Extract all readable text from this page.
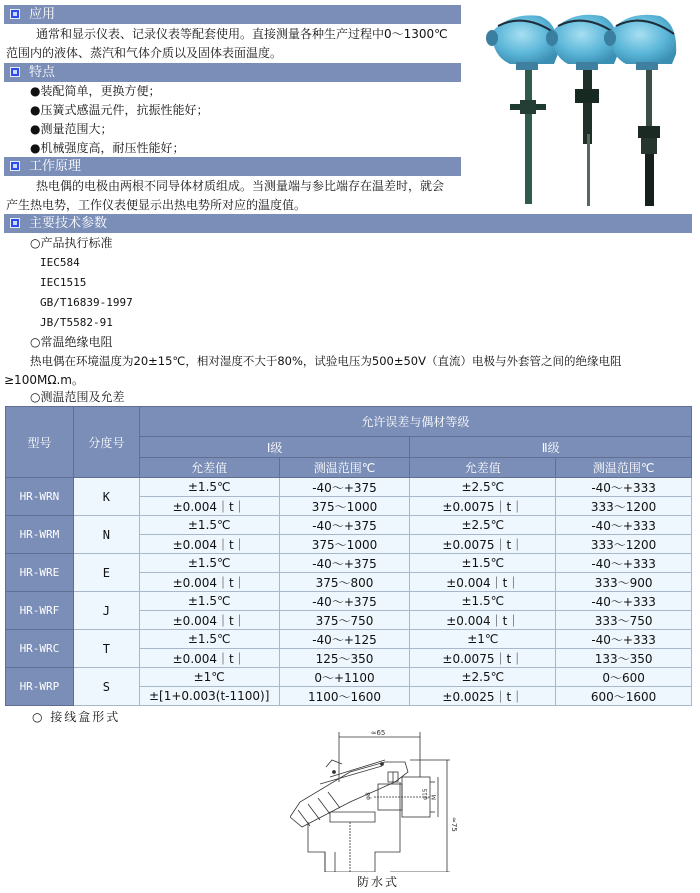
应用
通常和显示仪表、记录仪表等配套使用。直接测量各种生产过程中0～1300℃
范围内的液体、蒸汽和气体介质以及固体表面温度。
特点
●装配简单，更换方便；
●压簧式感温元件，抗振性能好；
●测量范围大；
●机械强度高，耐压性能好；
工作原理
热电偶的电极由两根不同导体材质组成。当测量端与参比端存在温差时，就会
产生热电势，工作仪表便显示出热电势所对应的温度值。
主要技术参数
○产品执行标准
IEC584
IEC1515
GB/T16839-1997
JB/T5582-91
○常温绝缘电阻
热电偶在环境温度为20±15℃，相对湿度不大于80%，试验电压为500±50V（直流）电极与外套管之间的绝缘电阻
≥100MΩ.m。
○测温范围及允差
型号	分度号	允许误差与偶材等级			
		Ⅰ级		Ⅱ级	
		允差值	测温范围℃	允差值	测温范围℃
HR-WRN	K	±1.5℃	-40～+375	±2.5℃	-40～+333
		±0.004｜t｜	375～1000	±0.0075｜t｜	333～1200
HR-WRM	N	±1.5℃	-40～+375	±2.5℃	-40～+333
		±0.004｜t｜	375～1000	±0.0075｜t｜	333～1200
HR-WRE	E	±1.5℃	-40～+375	±1.5℃	-40～+333
		±0.004｜t｜	375～800	±0.004｜t｜	333～900
HR-WRF	J	±1.5℃	-40～+375	±1.5℃	-40～+333
		±0.004｜t｜	375～750	±0.004｜t｜	333～750
HR-WRC	T	±1.5℃	-40～+125	±1℃	-40～+333
		±0.004｜t｜	125～350	±0.0075｜t｜	133～350
HR-WRP	S	±1℃	0～+1100	±2.5℃	0～600
		±[1+0.003(t-1100)]	1100～1600	±0.0025｜t｜	600～1600
○ 接线盒形式
≈65
≈75
φ8	φ15 M
防水式
